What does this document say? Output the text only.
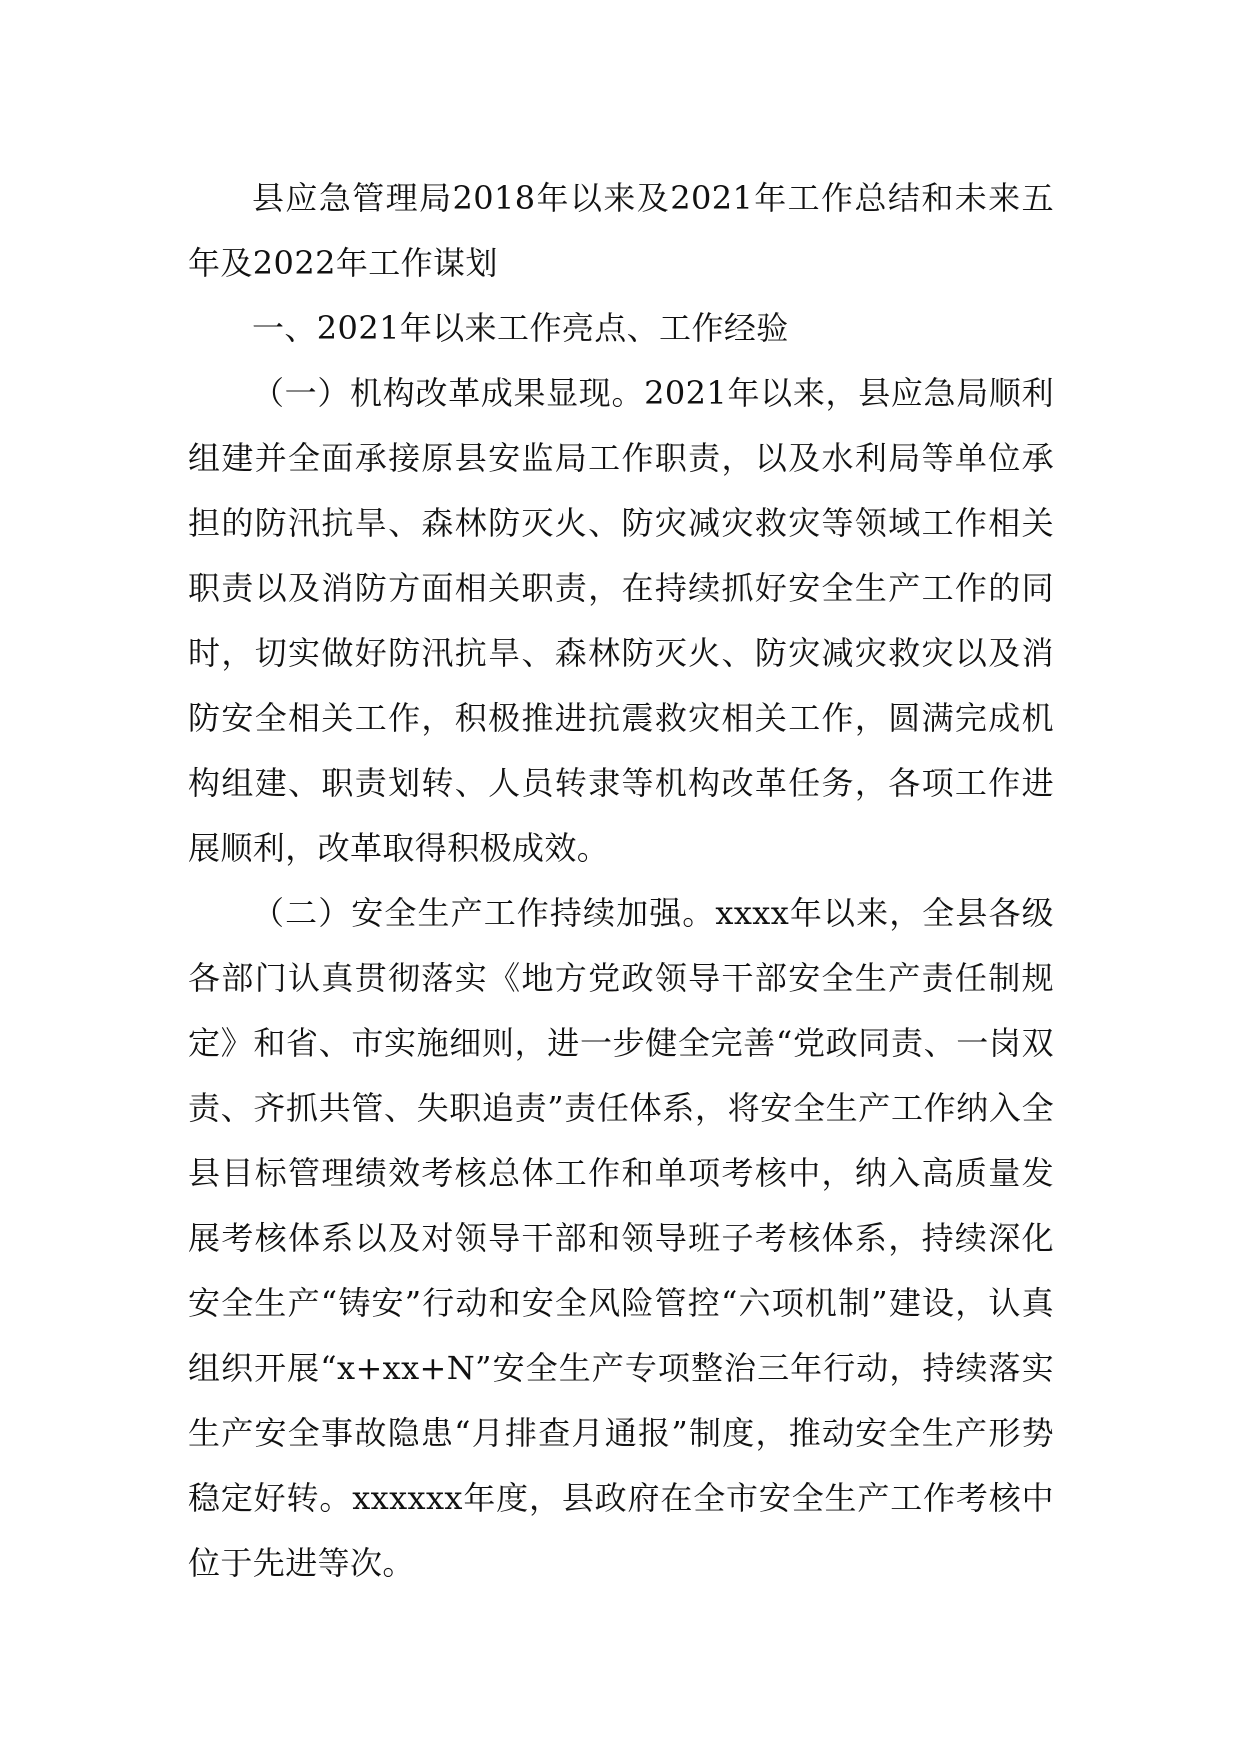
县应急管理局2018年以来及2021年工作总结和未来五年及2022年工作谋划

一、2021年以来工作亮点、工作经验

（一）机构改革成果显现。2021年以来，县应急局顺利组建并全面承接原县安监局工作职责，以及水利局等单位承担的防汛抗旱、森林防灭火、防灾减灾救灾等领域工作相关职责以及消防方面相关职责，在持续抓好安全生产工作的同时，切实做好防汛抗旱、森林防灭火、防灾减灾救灾以及消防安全相关工作，积极推进抗震救灾相关工作，圆满完成机构组建、职责划转、人员转隶等机构改革任务，各项工作进展顺利，改革取得积极成效。

（二）安全生产工作持续加强。xxxx年以来，全县各级各部门认真贯彻落实《地方党政领导干部安全生产责任制规定》和省、市实施细则，进一步健全完善“党政同责、一岗双责、齐抓共管、失职追责”责任体系，将安全生产工作纳入全县目标管理绩效考核总体工作和单项考核中，纳入高质量发展考核体系以及对领导干部和领导班子考核体系，持续深化安全生产“铸安”行动和安全风险管控“六项机制”建设，认真组织开展“x+xx+N”安全生产专项整治三年行动，持续落实生产安全事故隐患“月排查月通报”制度，推动安全生产形势稳定好转。xxxxxx年度，县政府在全市安全生产工作考核中位于先进等次。
